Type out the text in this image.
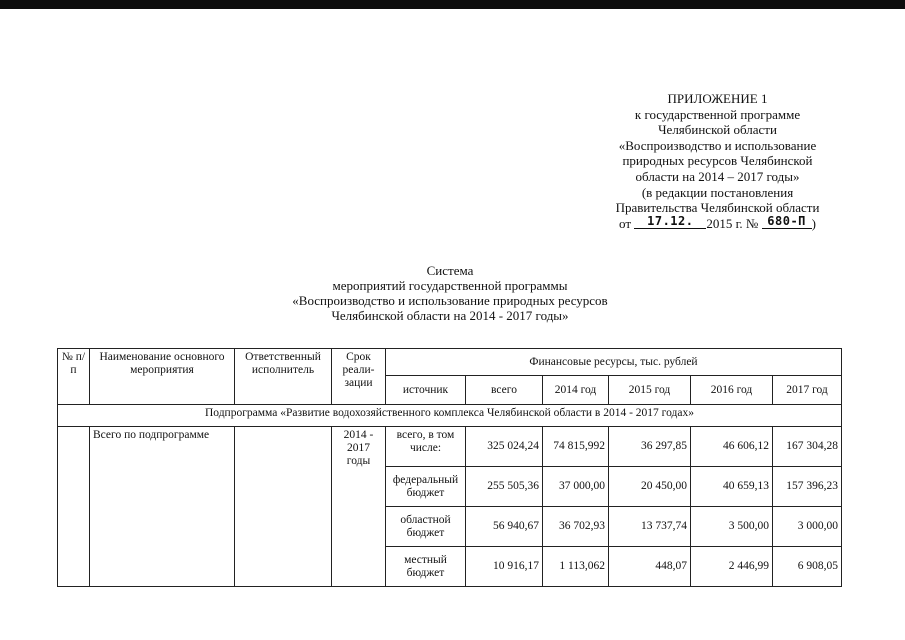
ПРИЛОЖЕНИЕ 1
к государственной программе
Челябинской области
«Воспроизводство и использование
природных ресурсов Челябинской
области на 2014 – 2017 годы»
(в редакции постановления
Правительства Челябинской области
от 17.12. 2015 г. № 680-П )
Система
мероприятий государственной программы
«Воспроизводство и использование природных ресурсов
Челябинской области на 2014 - 2017 годы»
№ п/п	Наименование основного мероприятия	Ответственный исполнитель	Срок реали-зации	Финансовые ресурсы, тыс. рублей					
				источник	всего	2014 год	2015 год	2016 год	2017 год
Подпрограмма «Развитие водохозяйственного комплекса Челябинской области в 2014 - 2017 годах»									
	Всего по подпрограмме		2014 - 2017 годы	всего, в том числе:	325 024,24	74 815,992	36 297,85	46 606,12	167 304,28
				федеральный бюджет	255 505,36	37 000,00	20 450,00	40 659,13	157 396,23
				областной бюджет	56 940,67	36 702,93	13 737,74	3 500,00	3 000,00
				местный бюджет	10 916,17	1 113,062	448,07	2 446,99	6 908,05
